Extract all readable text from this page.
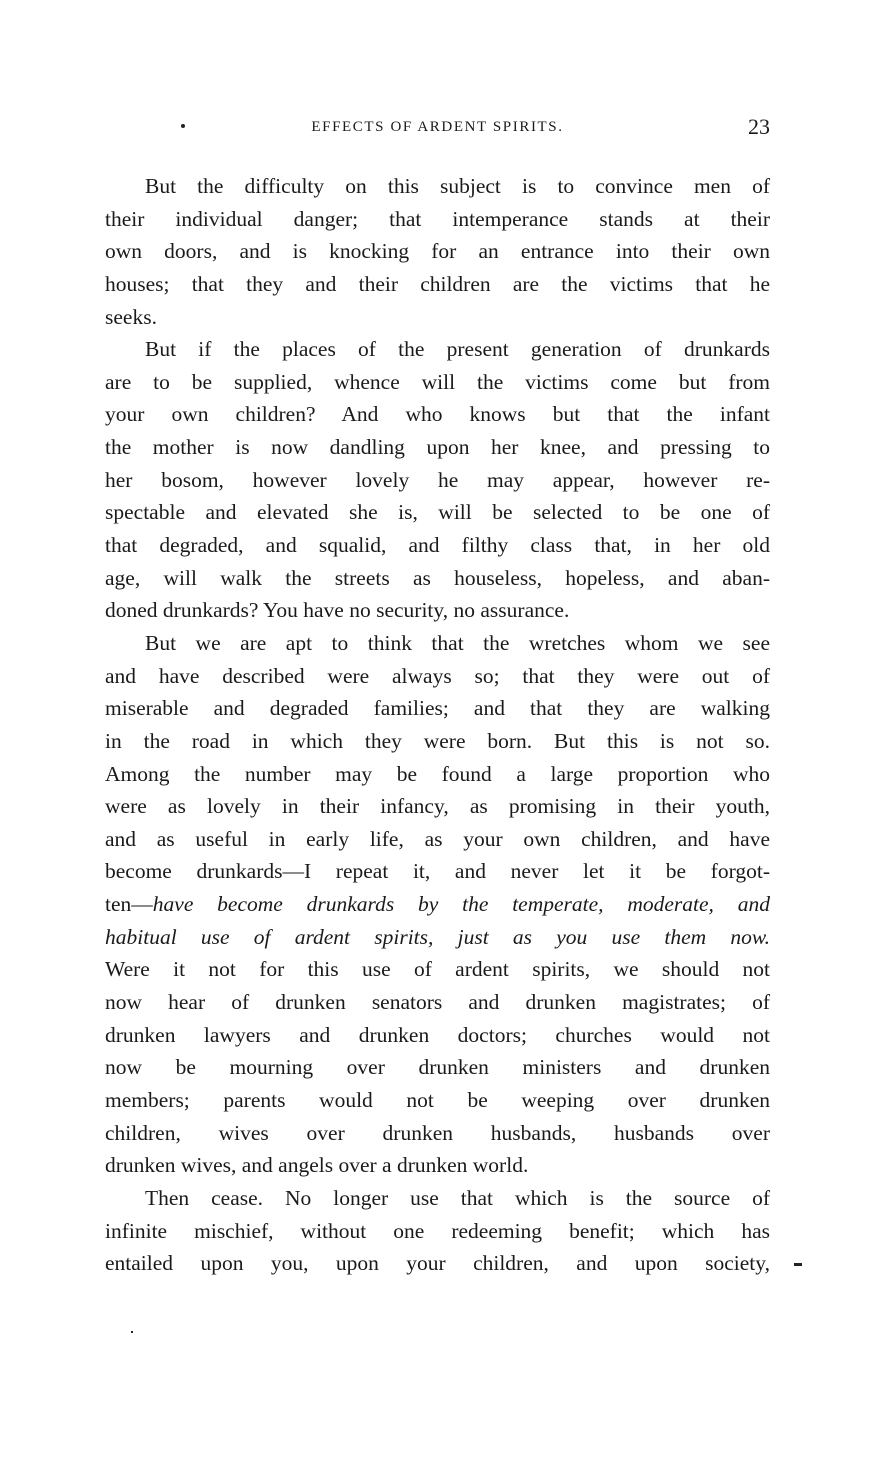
EFFECTS OF ARDENT SPIRITS.	23
But the difficulty on this subject is to convince men of
their individual danger; that intemperance stands at their
own doors, and is knocking for an entrance into their own
houses; that they and their children are the victims that he
seeks.
But if the places of the present generation of drunkards
are to be supplied, whence will the victims come but from
your own children? And who knows but that the infant
the mother is now dandling upon her knee, and pressing to
her bosom, however lovely he may appear, however re-
spectable and elevated she is, will be selected to be one of
that degraded, and squalid, and filthy class that, in her old
age, will walk the streets as houseless, hopeless, and aban-
doned drunkards? You have no security, no assurance.
But we are apt to think that the wretches whom we see
and have described were always so; that they were out of
miserable and degraded families; and that they are walking
in the road in which they were born. But this is not so.
Among the number may be found a large proportion who
were as lovely in their infancy, as promising in their youth,
and as useful in early life, as your own children, and have
become drunkards—I repeat it, and never let it be forgot-
ten—have become drunkards by the temperate, moderate, and
habitual use of ardent spirits, just as you use them now.
Were it not for this use of ardent spirits, we should not
now hear of drunken senators and drunken magistrates; of
drunken lawyers and drunken doctors; churches would not
now be mourning over drunken ministers and drunken
members; parents would not be weeping over drunken
children, wives over drunken husbands, husbands over
drunken wives, and angels over a drunken world.
Then cease. No longer use that which is the source of
infinite mischief, without one redeeming benefit; which has
entailed upon you, upon your children, and upon society,
